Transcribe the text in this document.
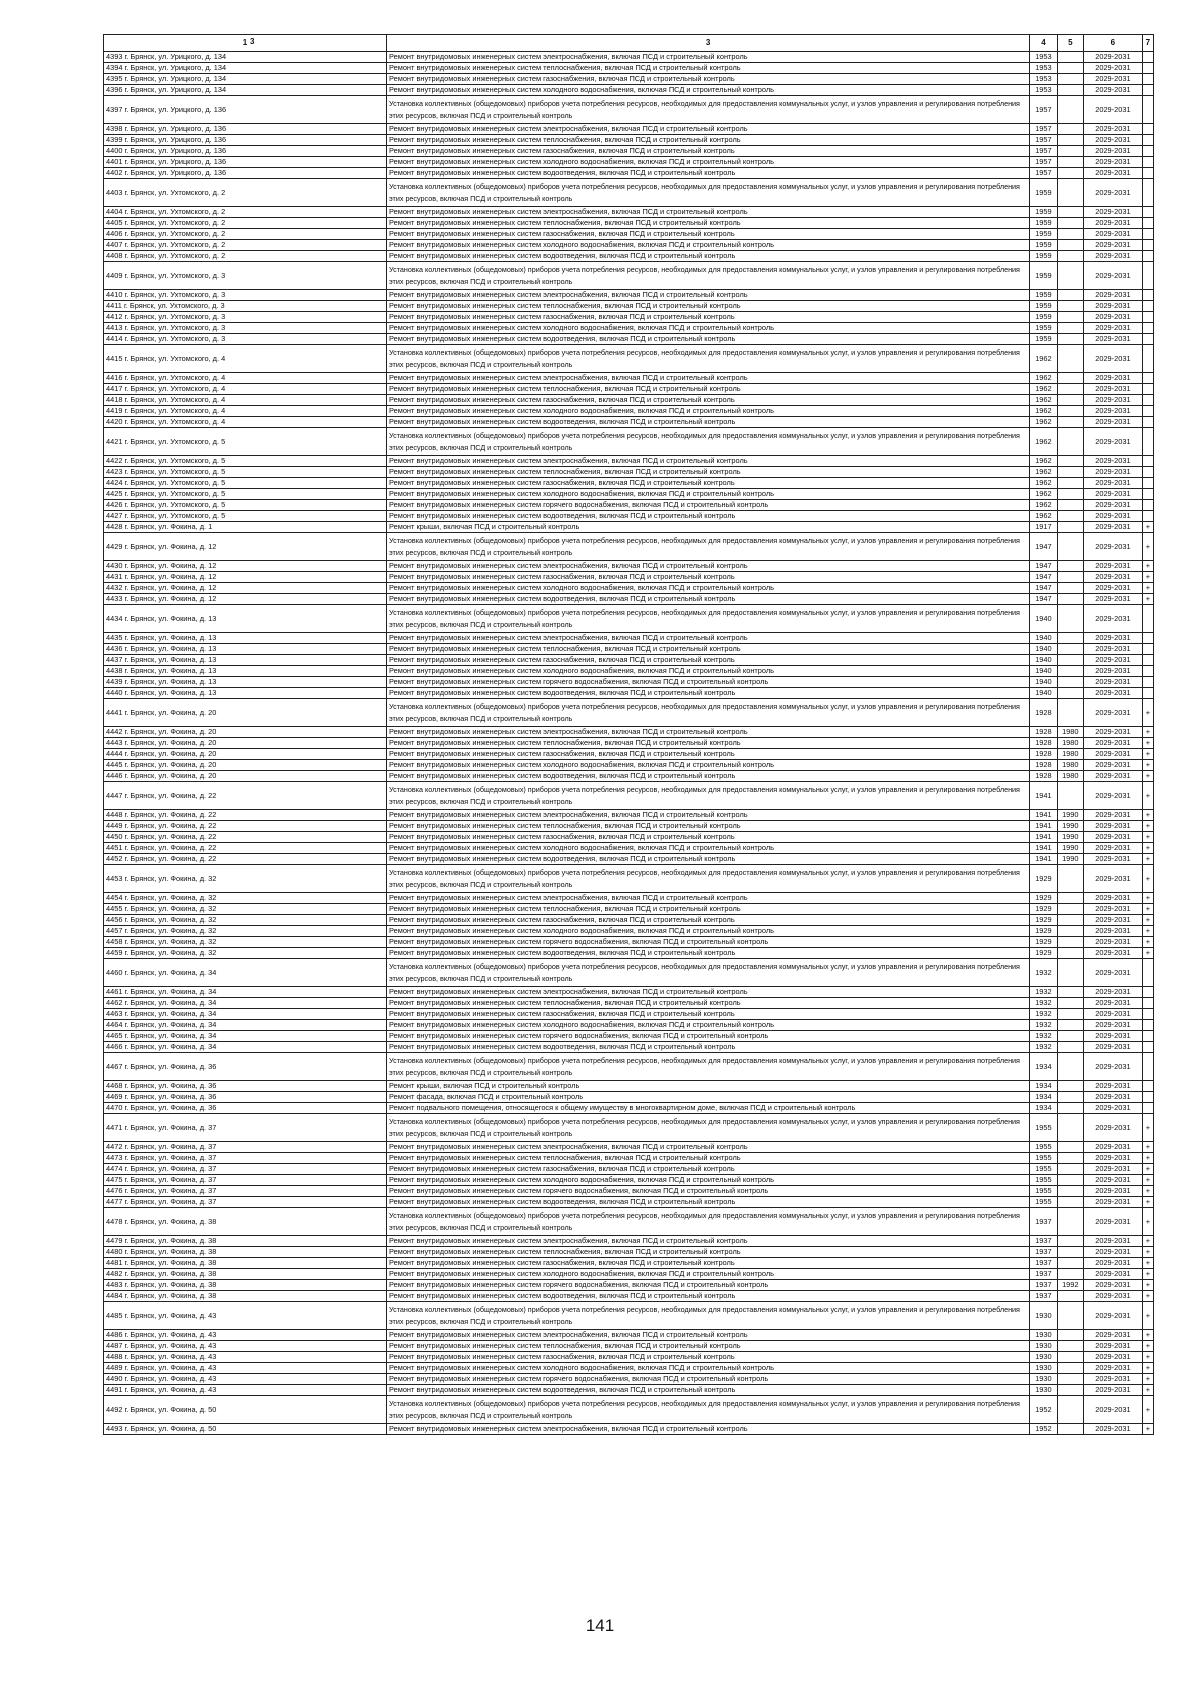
1	3	4	5	6	7
4393 г. Брянск, ул. Урицкого, д. 134	Ремонт внутридомовых инженерных систем электроснабжения, включая ПСД и строительный контроль	1953		2029-2031	
4394 г. Брянск, ул. Урицкого, д. 134	Ремонт внутридомовых инженерных систем теплоснабжения, включая ПСД и строительный контроль	1953		2029-2031	
4395 г. Брянск, ул. Урицкого, д. 134	Ремонт внутридомовых инженерных систем газоснабжения, включая ПСД и строительный контроль	1953		2029-2031	
4396 г. Брянск, ул. Урицкого, д. 134	Ремонт внутридомовых инженерных систем холодного водоснабжения, включая ПСД и строительный контроль	1953		2029-2031	
4397 г. Брянск, ул. Урицкого, д. 136	Установка коллективных (общедомовых) приборов учета потребления ресурсов, необходимых для предоставления коммунальных услуг, и узлов управления и регулирования потребления этих ресурсов, включая ПСД и строительный контроль	1957		2029-2031	
4398 г. Брянск, ул. Урицкого, д. 136	Ремонт внутридомовых инженерных систем электроснабжения, включая ПСД и строительный контроль	1957		2029-2031	
4399 г. Брянск, ул. Урицкого, д. 136	Ремонт внутридомовых инженерных систем теплоснабжения, включая ПСД и строительный контроль	1957		2029-2031	
4400 г. Брянск, ул. Урицкого, д. 136	Ремонт внутридомовых инженерных систем газоснабжения, включая ПСД и строительный контроль	1957		2029-2031	
4401 г. Брянск, ул. Урицкого, д. 136	Ремонт внутридомовых инженерных систем холодного водоснабжения, включая ПСД и строительный контроль	1957		2029-2031	
4402 г. Брянск, ул. Урицкого, д. 136	Ремонт внутридомовых инженерных систем водоотведения, включая ПСД и строительный контроль	1957		2029-2031	
4403 г. Брянск, ул. Ухтомского, д. 2	Установка коллективных (общедомовых) приборов учета потребления ресурсов, необходимых для предоставления коммунальных услуг, и узлов управления и регулирования потребления этих ресурсов, включая ПСД и строительный контроль	1959		2029-2031	
4404 г. Брянск, ул. Ухтомского, д. 2	Ремонт внутридомовых инженерных систем электроснабжения, включая ПСД и строительный контроль	1959		2029-2031	
4405 г. Брянск, ул. Ухтомского, д. 2	Ремонт внутридомовых инженерных систем теплоснабжения, включая ПСД и строительный контроль	1959		2029-2031	
4406 г. Брянск, ул. Ухтомского, д. 2	Ремонт внутридомовых инженерных систем газоснабжения, включая ПСД и строительный контроль	1959		2029-2031	
4407 г. Брянск, ул. Ухтомского, д. 2	Ремонт внутридомовых инженерных систем холодного водоснабжения, включая ПСД и строительный контроль	1959		2029-2031	
4408 г. Брянск, ул. Ухтомского, д. 2	Ремонт внутридомовых инженерных систем водоотведения, включая ПСД и строительный контроль	1959		2029-2031	
4409 г. Брянск, ул. Ухтомского, д. 3	Установка коллективных (общедомовых) приборов учета потребления ресурсов, необходимых для предоставления коммунальных услуг, и узлов управления и регулирования потребления этих ресурсов, включая ПСД и строительный контроль	1959		2029-2031	
4410 г. Брянск, ул. Ухтомского, д. 3	Ремонт внутридомовых инженерных систем электроснабжения, включая ПСД и строительный контроль	1959		2029-2031	
4411 г. Брянск, ул. Ухтомского, д. 3	Ремонт внутридомовых инженерных систем теплоснабжения, включая ПСД и строительный контроль	1959		2029-2031	
4412 г. Брянск, ул. Ухтомского, д. 3	Ремонт внутридомовых инженерных систем газоснабжения, включая ПСД и строительный контроль	1959		2029-2031	
4413 г. Брянск, ул. Ухтомского, д. 3	Ремонт внутридомовых инженерных систем холодного водоснабжения, включая ПСД и строительный контроль	1959		2029-2031	
4414 г. Брянск, ул. Ухтомского, д. 3	Ремонт внутридомовых инженерных систем водоотведения, включая ПСД и строительный контроль	1959		2029-2031	
4415 г. Брянск, ул. Ухтомского, д. 4	Установка коллективных (общедомовых) приборов учета потребления ресурсов, необходимых для предоставления коммунальных услуг, и узлов управления и регулирования потребления этих ресурсов, включая ПСД и строительный контроль	1962		2029-2031	
4416 г. Брянск, ул. Ухтомского, д. 4	Ремонт внутридомовых инженерных систем электроснабжения, включая ПСД и строительный контроль	1962		2029-2031	
4417 г. Брянск, ул. Ухтомского, д. 4	Ремонт внутридомовых инженерных систем теплоснабжения, включая ПСД и строительный контроль	1962		2029-2031	
4418 г. Брянск, ул. Ухтомского, д. 4	Ремонт внутридомовых инженерных систем газоснабжения, включая ПСД и строительный контроль	1962		2029-2031	
4419 г. Брянск, ул. Ухтомского, д. 4	Ремонт внутридомовых инженерных систем холодного водоснабжения, включая ПСД и строительный контроль	1962		2029-2031	
4420 г. Брянск, ул. Ухтомского, д. 4	Ремонт внутридомовых инженерных систем водоотведения, включая ПСД и строительный контроль	1962		2029-2031	
4421 г. Брянск, ул. Ухтомского, д. 5	Установка коллективных (общедомовых) приборов учета потребления ресурсов, необходимых для предоставления коммунальных услуг, и узлов управления и регулирования потребления этих ресурсов, включая ПСД и строительный контроль	1962		2029-2031	
4422 г. Брянск, ул. Ухтомского, д. 5	Ремонт внутридомовых инженерных систем электроснабжения, включая ПСД и строительный контроль	1962		2029-2031	
4423 г. Брянск, ул. Ухтомского, д. 5	Ремонт внутридомовых инженерных систем теплоснабжения, включая ПСД и строительный контроль	1962		2029-2031	
4424 г. Брянск, ул. Ухтомского, д. 5	Ремонт внутридомовых инженерных систем газоснабжения, включая ПСД и строительный контроль	1962		2029-2031	
4425 г. Брянск, ул. Ухтомского, д. 5	Ремонт внутридомовых инженерных систем холодного водоснабжения, включая ПСД и строительный контроль	1962		2029-2031	
4426 г. Брянск, ул. Ухтомского, д. 5	Ремонт внутридомовых инженерных систем горячего водоснабжения, включая ПСД и строительный контроль	1962		2029-2031	
4427 г. Брянск, ул. Ухтомского, д. 5	Ремонт внутридомовых инженерных систем водоотведения, включая ПСД и строительный контроль	1962		2029-2031	
4428 г. Брянск, ул. Фокина, д. 1	Ремонт крыши, включая ПСД и строительный контроль	1917		2029-2031	+
4429 г. Брянск, ул. Фокина, д. 12	Установка коллективных (общедомовых) приборов учета потребления ресурсов, необходимых для предоставления коммунальных услуг, и узлов управления и регулирования потребления этих ресурсов, включая ПСД и строительный контроль	1947		2029-2031	+
4430 г. Брянск, ул. Фокина, д. 12	Ремонт внутридомовых инженерных систем электроснабжения, включая ПСД и строительный контроль	1947		2029-2031	+
4431 г. Брянск, ул. Фокина, д. 12	Ремонт внутридомовых инженерных систем газоснабжения, включая ПСД и строительный контроль	1947		2029-2031	+
4432 г. Брянск, ул. Фокина, д. 12	Ремонт внутридомовых инженерных систем холодного водоснабжения, включая ПСД и строительный контроль	1947		2029-2031	+
4433 г. Брянск, ул. Фокина, д. 12	Ремонт внутридомовых инженерных систем водоотведения, включая ПСД и строительный контроль	1947		2029-2031	+
4434 г. Брянск, ул. Фокина, д. 13	Установка коллективных (общедомовых) приборов учета потребления ресурсов, необходимых для предоставления коммунальных услуг, и узлов управления и регулирования потребления этих ресурсов, включая ПСД и строительный контроль	1940		2029-2031	
4435 г. Брянск, ул. Фокина, д. 13	Ремонт внутридомовых инженерных систем электроснабжения, включая ПСД и строительный контроль	1940		2029-2031	
4436 г. Брянск, ул. Фокина, д. 13	Ремонт внутридомовых инженерных систем теплоснабжения, включая ПСД и строительный контроль	1940		2029-2031	
4437 г. Брянск, ул. Фокина, д. 13	Ремонт внутридомовых инженерных систем газоснабжения, включая ПСД и строительный контроль	1940		2029-2031	
4438 г. Брянск, ул. Фокина, д. 13	Ремонт внутридомовых инженерных систем холодного водоснабжения, включая ПСД и строительный контроль	1940		2029-2031	
4439 г. Брянск, ул. Фокина, д. 13	Ремонт внутридомовых инженерных систем горячего водоснабжения, включая ПСД и строительный контроль	1940		2029-2031	
4440 г. Брянск, ул. Фокина, д. 13	Ремонт внутридомовых инженерных систем водоотведения, включая ПСД и строительный контроль	1940		2029-2031	
4441 г. Брянск, ул. Фокина, д. 20	Установка коллективных (общедомовых) приборов учета потребления ресурсов, необходимых для предоставления коммунальных услуг, и узлов управления и регулирования потребления этих ресурсов, включая ПСД и строительный контроль	1928		2029-2031	+
4442 г. Брянск, ул. Фокина, д. 20	Ремонт внутридомовых инженерных систем электроснабжения, включая ПСД и строительный контроль	1928	1980	2029-2031	+
4443 г. Брянск, ул. Фокина, д. 20	Ремонт внутридомовых инженерных систем теплоснабжения, включая ПСД и строительный контроль	1928	1980	2029-2031	+
4444 г. Брянск, ул. Фокина, д. 20	Ремонт внутридомовых инженерных систем газоснабжения, включая ПСД и строительный контроль	1928	1980	2029-2031	+
4445 г. Брянск, ул. Фокина, д. 20	Ремонт внутридомовых инженерных систем холодного водоснабжения, включая ПСД и строительный контроль	1928	1980	2029-2031	+
4446 г. Брянск, ул. Фокина, д. 20	Ремонт внутридомовых инженерных систем водоотведения, включая ПСД и строительный контроль	1928	1980	2029-2031	+
4447 г. Брянск, ул. Фокина, д. 22	Установка коллективных (общедомовых) приборов учета потребления ресурсов, необходимых для предоставления коммунальных услуг, и узлов управления и регулирования потребления этих ресурсов, включая ПСД и строительный контроль	1941		2029-2031	+
4448 г. Брянск, ул. Фокина, д. 22	Ремонт внутридомовых инженерных систем электроснабжения, включая ПСД и строительный контроль	1941	1990	2029-2031	+
4449 г. Брянск, ул. Фокина, д. 22	Ремонт внутридомовых инженерных систем теплоснабжения, включая ПСД и строительный контроль	1941	1990	2029-2031	+
4450 г. Брянск, ул. Фокина, д. 22	Ремонт внутридомовых инженерных систем газоснабжения, включая ПСД и строительный контроль	1941	1990	2029-2031	+
4451 г. Брянск, ул. Фокина, д. 22	Ремонт внутридомовых инженерных систем холодного водоснабжения, включая ПСД и строительный контроль	1941	1990	2029-2031	+
4452 г. Брянск, ул. Фокина, д. 22	Ремонт внутридомовых инженерных систем водоотведения, включая ПСД и строительный контроль	1941	1990	2029-2031	+
4453 г. Брянск, ул. Фокина, д. 32	Установка коллективных (общедомовых) приборов учета потребления ресурсов, необходимых для предоставления коммунальных услуг, и узлов управления и регулирования потребления этих ресурсов, включая ПСД и строительный контроль	1929		2029-2031	+
4454 г. Брянск, ул. Фокина, д. 32	Ремонт внутридомовых инженерных систем электроснабжения, включая ПСД и строительный контроль	1929		2029-2031	+
4455 г. Брянск, ул. Фокина, д. 32	Ремонт внутридомовых инженерных систем теплоснабжения, включая ПСД и строительный контроль	1929		2029-2031	+
4456 г. Брянск, ул. Фокина, д. 32	Ремонт внутридомовых инженерных систем газоснабжения, включая ПСД и строительный контроль	1929		2029-2031	+
4457 г. Брянск, ул. Фокина, д. 32	Ремонт внутридомовых инженерных систем холодного водоснабжения, включая ПСД и строительный контроль	1929		2029-2031	+
4458 г. Брянск, ул. Фокина, д. 32	Ремонт внутридомовых инженерных систем горячего водоснабжения, включая ПСД и строительный контроль	1929		2029-2031	+
4459 г. Брянск, ул. Фокина, д. 32	Ремонт внутридомовых инженерных систем водоотведения, включая ПСД и строительный контроль	1929		2029-2031	+
4460 г. Брянск, ул. Фокина, д. 34	Установка коллективных (общедомовых) приборов учета потребления ресурсов, необходимых для предоставления коммунальных услуг, и узлов управления и регулирования потребления этих ресурсов, включая ПСД и строительный контроль	1932		2029-2031	
4461 г. Брянск, ул. Фокина, д. 34	Ремонт внутридомовых инженерных систем электроснабжения, включая ПСД и строительный контроль	1932		2029-2031	
4462 г. Брянск, ул. Фокина, д. 34	Ремонт внутридомовых инженерных систем теплоснабжения, включая ПСД и строительный контроль	1932		2029-2031	
4463 г. Брянск, ул. Фокина, д. 34	Ремонт внутридомовых инженерных систем газоснабжения, включая ПСД и строительный контроль	1932		2029-2031	
4464 г. Брянск, ул. Фокина, д. 34	Ремонт внутридомовых инженерных систем холодного водоснабжения, включая ПСД и строительный контроль	1932		2029-2031	
4465 г. Брянск, ул. Фокина, д. 34	Ремонт внутридомовых инженерных систем горячего водоснабжения, включая ПСД и строительный контроль	1932		2029-2031	
4466 г. Брянск, ул. Фокина, д. 34	Ремонт внутридомовых инженерных систем водоотведения, включая ПСД и строительный контроль	1932		2029-2031	
4467 г. Брянск, ул. Фокина, д. 36	Установка коллективных (общедомовых) приборов учета потребления ресурсов, необходимых для предоставления коммунальных услуг, и узлов управления и регулирования потребления этих ресурсов, включая ПСД и строительный контроль	1934		2029-2031	
4468 г. Брянск, ул. Фокина, д. 36	Ремонт крыши, включая ПСД и строительный контроль	1934		2029-2031	
4469 г. Брянск, ул. Фокина, д. 36	Ремонт фасада, включая ПСД и строительный контроль	1934		2029-2031	
4470 г. Брянск, ул. Фокина, д. 36	Ремонт подвального помещения, относящегося к общему имуществу в многоквартирном доме, включая ПСД и строительный контроль	1934		2029-2031	
4471 г. Брянск, ул. Фокина, д. 37	Установка коллективных (общедомовых) приборов учета потребления ресурсов, необходимых для предоставления коммунальных услуг, и узлов управления и регулирования потребления этих ресурсов, включая ПСД и строительный контроль	1955		2029-2031	+
4472 г. Брянск, ул. Фокина, д. 37	Ремонт внутридомовых инженерных систем электроснабжения, включая ПСД и строительный контроль	1955		2029-2031	+
4473 г. Брянск, ул. Фокина, д. 37	Ремонт внутридомовых инженерных систем теплоснабжения, включая ПСД и строительный контроль	1955		2029-2031	+
4474 г. Брянск, ул. Фокина, д. 37	Ремонт внутридомовых инженерных систем газоснабжения, включая ПСД и строительный контроль	1955		2029-2031	+
4475 г. Брянск, ул. Фокина, д. 37	Ремонт внутридомовых инженерных систем холодного водоснабжения, включая ПСД и строительный контроль	1955		2029-2031	+
4476 г. Брянск, ул. Фокина, д. 37	Ремонт внутридомовых инженерных систем горячего водоснабжения, включая ПСД и строительный контроль	1955		2029-2031	+
4477 г. Брянск, ул. Фокина, д. 37	Ремонт внутридомовых инженерных систем водоотведения, включая ПСД и строительный контроль	1955		2029-2031	+
4478 г. Брянск, ул. Фокина, д. 38	Установка коллективных (общедомовых) приборов учета потребления ресурсов, необходимых для предоставления коммунальных услуг, и узлов управления и регулирования потребления этих ресурсов, включая ПСД и строительный контроль	1937		2029-2031	+
4479 г. Брянск, ул. Фокина, д. 38	Ремонт внутридомовых инженерных систем электроснабжения, включая ПСД и строительный контроль	1937		2029-2031	+
4480 г. Брянск, ул. Фокина, д. 38	Ремонт внутридомовых инженерных систем теплоснабжения, включая ПСД и строительный контроль	1937		2029-2031	+
4481 г. Брянск, ул. Фокина, д. 38	Ремонт внутридомовых инженерных систем газоснабжения, включая ПСД и строительный контроль	1937		2029-2031	+
4482 г. Брянск, ул. Фокина, д. 38	Ремонт внутридомовых инженерных систем холодного водоснабжения, включая ПСД и строительный контроль	1937		2029-2031	+
4483 г. Брянск, ул. Фокина, д. 38	Ремонт внутридомовых инженерных систем горячего водоснабжения, включая ПСД и строительный контроль	1937	1992	2029-2031	+
4484 г. Брянск, ул. Фокина, д. 38	Ремонт внутридомовых инженерных систем водоотведения, включая ПСД и строительный контроль	1937		2029-2031	+
4485 г. Брянск, ул. Фокина, д. 43	Установка коллективных (общедомовых) приборов учета потребления ресурсов, необходимых для предоставления коммунальных услуг, и узлов управления и регулирования потребления этих ресурсов, включая ПСД и строительный контроль	1930		2029-2031	+
4486 г. Брянск, ул. Фокина, д. 43	Ремонт внутридомовых инженерных систем электроснабжения, включая ПСД и строительный контроль	1930		2029-2031	+
4487 г. Брянск, ул. Фокина, д. 43	Ремонт внутридомовых инженерных систем теплоснабжения, включая ПСД и строительный контроль	1930		2029-2031	+
4488 г. Брянск, ул. Фокина, д. 43	Ремонт внутридомовых инженерных систем газоснабжения, включая ПСД и строительный контроль	1930		2029-2031	+
4489 г. Брянск, ул. Фокина, д. 43	Ремонт внутридомовых инженерных систем холодного водоснабжения, включая ПСД и строительный контроль	1930		2029-2031	+
4490 г. Брянск, ул. Фокина, д. 43	Ремонт внутридомовых инженерных систем горячего водоснабжения, включая ПСД и строительный контроль	1930		2029-2031	+
4491 г. Брянск, ул. Фокина, д. 43	Ремонт внутридомовых инженерных систем водоотведения, включая ПСД и строительный контроль	1930		2029-2031	+
4492 г. Брянск, ул. Фокина, д. 50	Установка коллективных (общедомовых) приборов учета потребления ресурсов, необходимых для предоставления коммунальных услуг, и узлов управления и регулирования потребления этих ресурсов, включая ПСД и строительный контроль	1952		2029-2031	+
4493 г. Брянск, ул. Фокина, д. 50	Ремонт внутридомовых инженерных систем электроснабжения, включая ПСД и строительный контроль	1952		2029-2031	+
3
141
